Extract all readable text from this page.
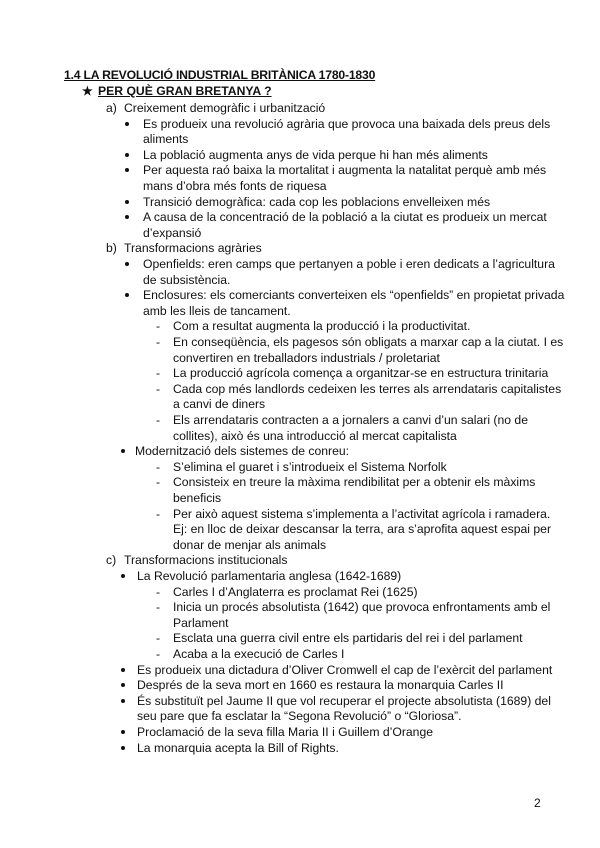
1.4 LA REVOLUCIÓ INDUSTRIAL BRITÀNICA 1780-1830
★ PER QUÈ GRAN BRETANYA ?
a) Creixement demogràfic i urbanització
Es produeix una revolució agrària que provoca una baixada dels preus dels
aliments
La població augmenta anys de vida perque hi han més aliments
Per aquesta raó baixa la mortalitat i augmenta la natalitat perquè amb més
mans d’obra més fonts de riquesa
Transició demogràfica: cada cop les poblacions envelleixen més
A causa de la concentració de la població a la ciutat es produeix un mercat
d’expansió
b) Transformacions agràries
Openfields: eren camps que pertanyen a poble i eren dedicats a l’agricultura
de subsistència.
Enclosures: els comerciants converteixen els “openfields” en propietat privada
amb les lleis de tancament.
- Com a resultat augmenta la producció i la productivitat.
- En conseqüència, els pagesos són obligats a marxar cap a la ciutat. I es
convertiren en treballadors industrials / proletariat
- La producció agrícola comença a organitzar-se en estructura trinitaria
- Cada cop més landlords cedeixen les terres als arrendataris capitalistes
a canvi de diners
- Els arrendataris contracten a a jornalers a canvi d’un salari (no de
collites), això és una introducció al mercat capitalista
Modernització dels sistemes de conreu:
- S’elimina el guaret i s’introdueix el Sistema Norfolk
- Consisteix en treure la màxima rendibilitat per a obtenir els màxims
beneficis
- Per això aquest sistema s’implementa a l’activitat agrícola i ramadera.
Ej: en lloc de deixar descansar la terra, ara s’aprofita aquest espai per
donar de menjar als animals
c) Transformacions institucionals
La Revolució parlamentaria anglesa (1642-1689)
- Carles I d’Anglaterra es proclamat Rei (1625)
- Inicia un procés absolutista (1642) que provoca enfrontaments amb el
Parlament
- Esclata una guerra civil entre els partidaris del rei i del parlament
- Acaba a la execució de Carles I
Es produeix una dictadura d’Oliver Cromwell el cap de l’exèrcit del parlament
Després de la seva mort en 1660 es restaura la monarquia Carles II
És substituït pel Jaume II que vol recuperar el projecte absolutista (1689) del
seu pare que fa esclatar la “Segona Revolució” o “Gloriosa”.
Proclamació de la seva filla Maria II i Guillem d’Orange
La monarquia acepta la Bill of Rights.
2
